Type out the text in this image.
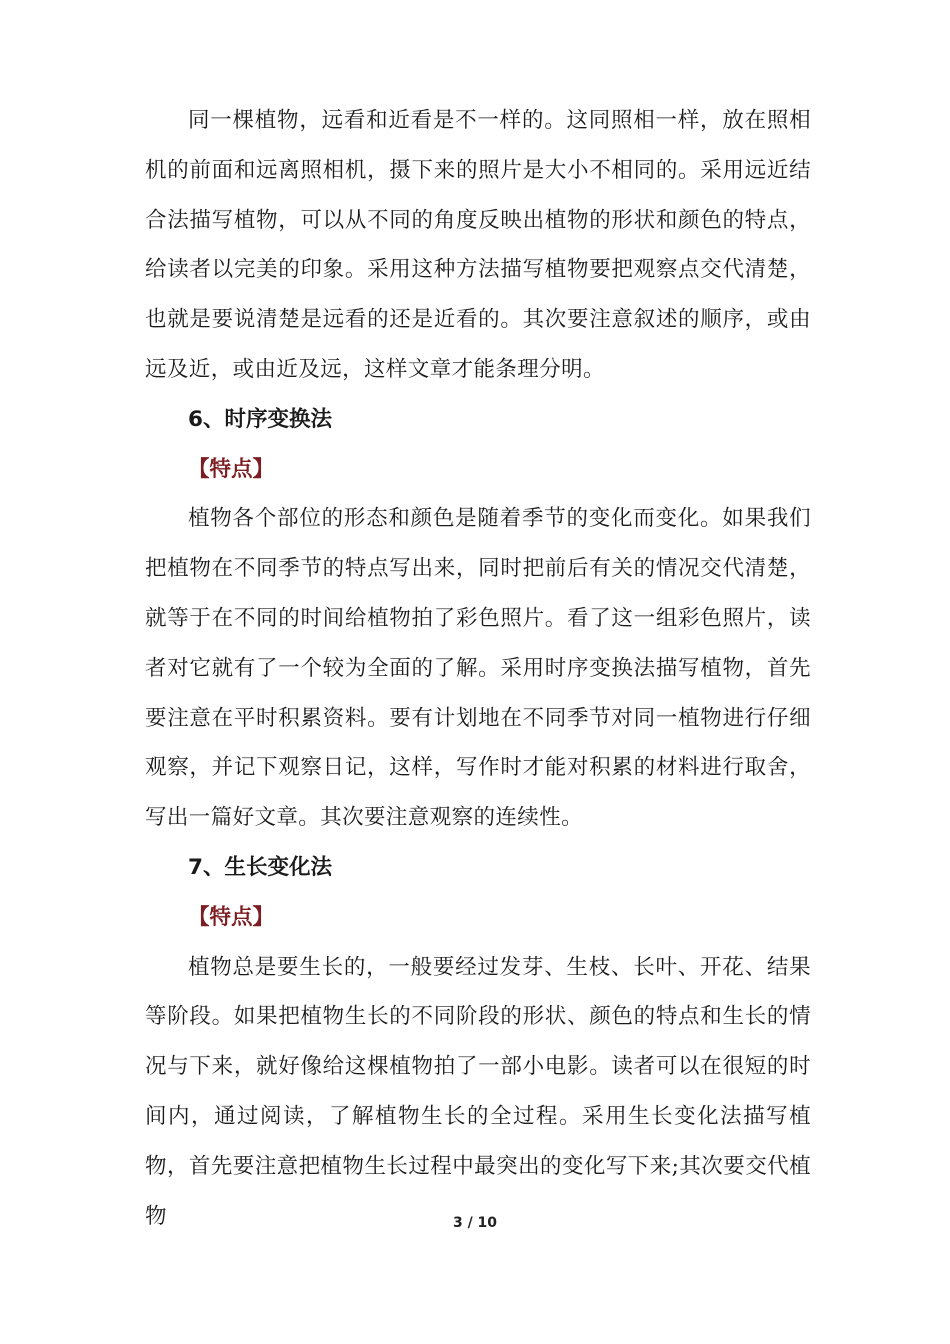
同一棵植物，远看和近看是不一样的。这同照相一样，放在照相机的前面和远离照相机，摄下来的照片是大小不相同的。采用远近结合法描写植物，可以从不同的角度反映出植物的形状和颜色的特点，给读者以完美的印象。采用这种方法描写植物要把观察点交代清楚，也就是要说清楚是远看的还是近看的。其次要注意叙述的顺序，或由远及近，或由近及远，这样文章才能条理分明。

6、时序变换法

【特点】

植物各个部位的形态和颜色是随着季节的变化而变化。如果我们把植物在不同季节的特点写出来，同时把前后有关的情况交代清楚，就等于在不同的时间给植物拍了彩色照片。看了这一组彩色照片，读者对它就有了一个较为全面的了解。采用时序变换法描写植物，首先要注意在平时积累资料。要有计划地在不同季节对同一植物进行仔细观察，并记下观察日记，这样，写作时才能对积累的材料进行取舍，写出一篇好文章。其次要注意观察的连续性。

7、生长变化法

【特点】

植物总是要生长的，一般要经过发芽、生枝、长叶、开花、结果等阶段。如果把植物生长的不同阶段的形状、颜色的特点和生长的情况与下来，就好像给这棵植物拍了一部小电影。读者可以在很短的时间内，通过阅读，了解植物生长的全过程。采用生长变化法描写植物，首先要注意把植物生长过程中最突出的变化写下来;其次要交代植物	3 / 10
